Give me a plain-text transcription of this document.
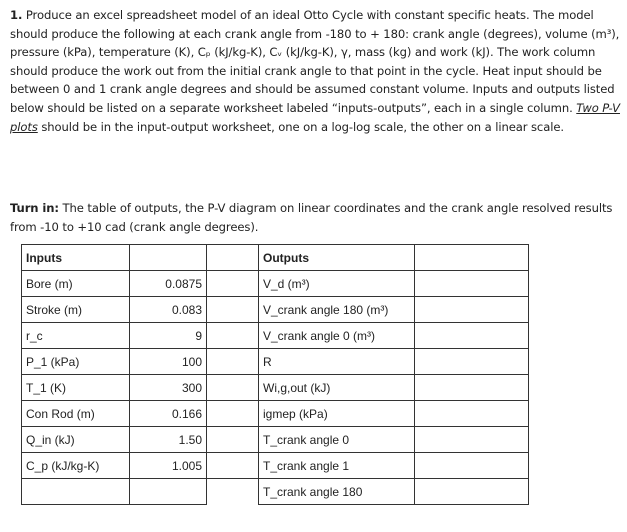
1. Produce an excel spreadsheet model of an ideal Otto Cycle with constant specific heats. The model should produce the following at each crank angle from -180 to + 180: crank angle (degrees), volume (m³), pressure (kPa), temperature (K), Cₚ (kJ/kg-K), Cᵥ (kJ/kg-K), γ, mass (kg) and work (kJ). The work column should produce the work out from the initial crank angle to that point in the cycle. Heat input should be between 0 and 1 crank angle degrees and should be assumed constant volume. Inputs and outputs listed below should be listed on a separate worksheet labeled “inputs-outputs”, each in a single column. Two P-V plots should be in the input-output worksheet, one on a log-log scale, the other on a linear scale.
Turn in: The table of outputs, the P-V diagram on linear coordinates and the crank angle resolved results from -10 to +10 cad (crank angle degrees).
Inputs			Outputs	
Bore (m)	0.0875		V_d (m³)	
Stroke (m)	0.083		V_crank angle 180 (m³)	
r_c	9		V_crank angle 0 (m³)	
P_1 (kPa)	100		R	
T_1 (K)	300		Wi,g,out (kJ)	
Con Rod (m)	0.166		igmep (kPa)	
Q_in (kJ)	1.50		T_crank angle 0	
C_p (kJ/kg-K)	1.005		T_crank angle 1	
			T_crank angle 180	
